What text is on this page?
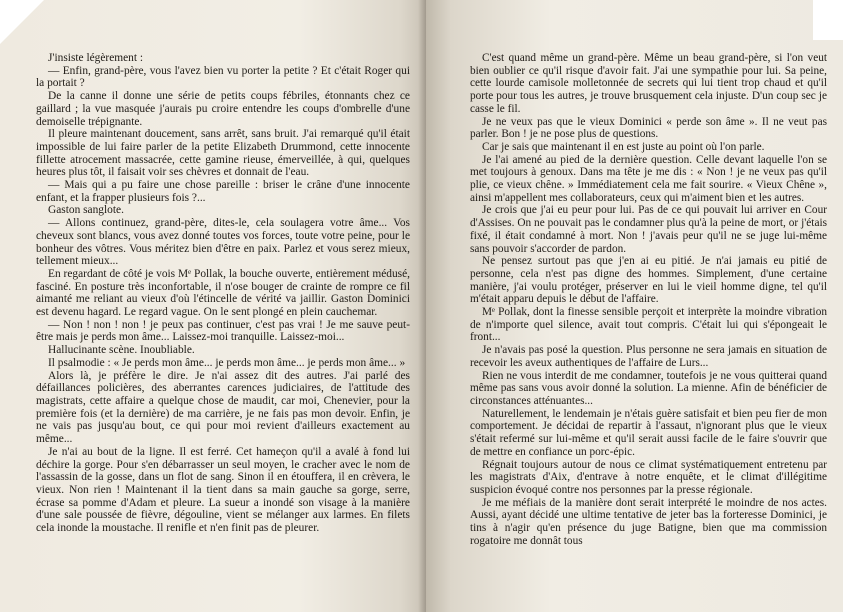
J'insiste légèrement :

— Enfin, grand-père, vous l'avez bien vu porter la petite ? Et c'était Roger qui la portait ?

De la canne il donne une série de petits coups fébriles, étonnants chez ce gaillard ; la vue masquée j'aurais pu croire entendre les coups d'ombrelle d'une demoiselle trépignante.

Il pleure maintenant doucement, sans arrêt, sans bruit. J'ai remarqué qu'il était impossible de lui faire parler de la petite Elizabeth Drummond, cette innocente fillette atrocement massacrée, cette gamine rieuse, émerveillée, à qui, quelques heures plus tôt, il faisait voir ses chèvres et donnait de l'eau.

— Mais qui a pu faire une chose pareille : briser le crâne d'une innocente enfant, et la frapper plusieurs fois ?...

Gaston sanglote.

— Allons continuez, grand-père, dites-le, cela soulagera votre âme... Vos cheveux sont blancs, vous avez donné toutes vos forces, toute votre peine, pour le bonheur des vôtres. Vous méritez bien d'être en paix. Parlez et vous serez mieux, tellement mieux...

En regardant de côté je vois Mᵉ Pollak, la bouche ouverte, entièrement médusé, fasciné. En posture très inconfortable, il n'ose bouger de crainte de rompre ce fil aimanté me reliant au vieux d'où l'étincelle de vérité va jaillir. Gaston Dominici est devenu hagard. Le regard vague. On le sent plongé en plein cauchemar.

— Non ! non ! non ! je peux pas continuer, c'est pas vrai ! Je me sauve peut-être mais je perds mon âme... Laissez-moi tranquille. Laissez-moi...

Hallucinante scène. Inoubliable.

Il psalmodie : « Je perds mon âme... je perds mon âme... je perds mon âme... »

Alors là, je préfère le dire. Je n'ai assez dit des autres. J'ai parlé des défaillances policières, des aberrantes carences judiciaires, de l'attitude des magistrats, cette affaire a quelque chose de maudit, car moi, Chenevier, pour la première fois (et la dernière) de ma carrière, je ne fais pas mon devoir. Enfin, je ne vais pas jusqu'au bout, ce qui pour moi revient d'ailleurs exactement au même...

Je n'ai au bout de la ligne. Il est ferré. Cet hameçon qu'il a avalé à fond lui déchire la gorge. Pour s'en débarrasser un seul moyen, le cracher avec le nom de l'assassin de la gosse, dans un flot de sang. Sinon il en étouffera, il en crèvera, le vieux. Non rien ! Maintenant il la tient dans sa main gauche sa gorge, serre, écrase sa pomme d'Adam et pleure. La sueur a inondé son visage à la manière d'une sale poussée de fièvre, dégouline, vient se mélanger aux larmes. En filets cela inonde la moustache. Il renifle et n'en finit pas de pleurer.

C'est quand même un grand-père. Même un beau grand-père, si l'on veut bien oublier ce qu'il risque d'avoir fait. J'ai une sympathie pour lui. Sa peine, cette lourde camisole molletonnée de secrets qui lui tient trop chaud et qu'il porte pour tous les autres, je trouve brusquement cela injuste. D'un coup sec je casse le fil.

Je ne veux pas que le vieux Dominici « perde son âme ». Il ne veut pas parler. Bon ! je ne pose plus de questions.

Car je sais que maintenant il en est juste au point où l'on parle.

Je l'ai amené au pied de la dernière question. Celle devant laquelle l'on se met toujours à genoux. Dans ma tête je me dis : « Non ! je ne veux pas qu'il plie, ce vieux chêne. » Immédiatement cela me fait sourire. « Vieux Chêne », ainsi m'appellent mes collaborateurs, ceux qui m'aiment bien et les autres.

Je crois que j'ai eu peur pour lui. Pas de ce qui pouvait lui arriver en Cour d'Assises. On ne pouvait pas le condamner plus qu'à la peine de mort, or j'étais fixé, il était condamné à mort. Non ! j'avais peur qu'il ne se juge lui-même sans pouvoir s'accorder de pardon.

Ne pensez surtout pas que j'en ai eu pitié. Je n'ai jamais eu pitié de personne, cela n'est pas digne des hommes. Simplement, d'une certaine manière, j'ai voulu protéger, préserver en lui le vieil homme digne, tel qu'il m'était apparu depuis le début de l'affaire.

Mᵉ Pollak, dont la finesse sensible perçoit et interprète la moindre vibration de n'importe quel silence, avait tout compris. C'était lui qui s'épongeait le front...

Je n'avais pas posé la question. Plus personne ne sera jamais en situation de recevoir les aveux authentiques de l'affaire de Lurs...

Rien ne vous interdit de me condamner, toutefois je ne vous quitterai quand même pas sans vous avoir donné la solution. La mienne. Afin de bénéficier de circonstances atténuantes...

Naturellement, le lendemain je n'étais guère satisfait et bien peu fier de mon comportement. Je décidai de repartir à l'assaut, n'ignorant plus que le vieux s'était refermé sur lui-même et qu'il serait aussi facile de le faire s'ouvrir que de mettre en confiance un porc-épic.

Régnait toujours autour de nous ce climat systématiquement entretenu par les magistrats d'Aix, d'entrave à notre enquête, et le climat d'illégitime suspicion évoqué contre nos personnes par la presse régionale.

Je me méfiais de la manière dont serait interprété le moindre de nos actes. Aussi, ayant décidé une ultime tentative de jeter bas la forteresse Dominici, je tins à n'agir qu'en présence du juge Batigne, bien que ma commission rogatoire me donnât tous
